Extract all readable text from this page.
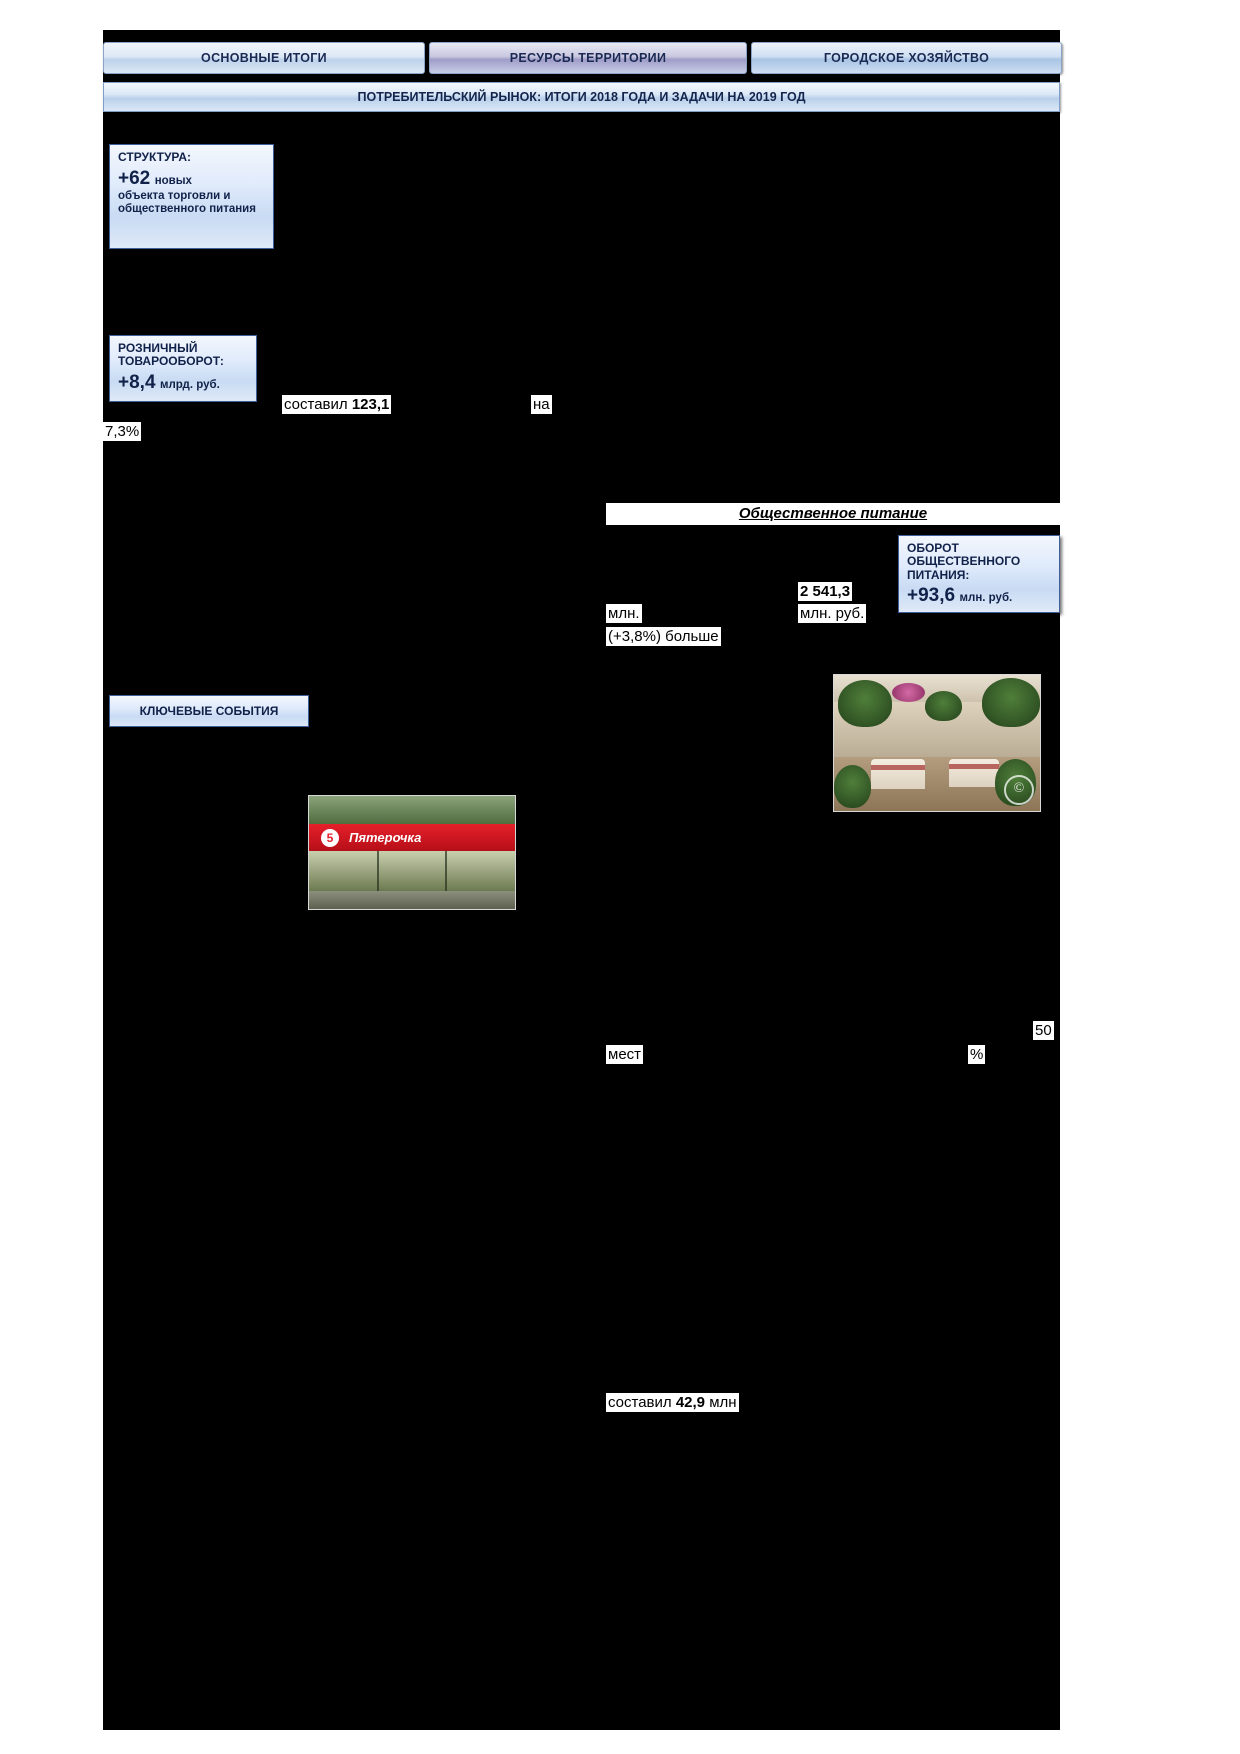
ОСНОВНЫЕ ИТОГИ	РЕСУРСЫ ТЕРРИТОРИИ	ГОРОДСКОЕ ХОЗЯЙСТВО
ПОТРЕБИТЕЛЬСКИЙ РЫНОК: ИТОГИ 2018 ГОДА И ЗАДАЧИ НА 2019 ГОД
СТРУКТУРА:
+62 новых
объекта торговли и общественного питания
РОЗНИЧНЫЙ ТОВАРООБОРОТ:
+8,4 млрд. руб.
ОБОРОТ ОБЩЕСТВЕННОГО ПИТАНИЯ:
+93,6 млн. руб.
КЛЮЧЕВЫЕ СОБЫТИЯ
Общественное питание
составил 123,1	на
7,3%
млн.
2 541,3
млн. руб.
(+3,8%) больше
мест	%
50
составил 42,9 млн
5	Пятерочка
©
